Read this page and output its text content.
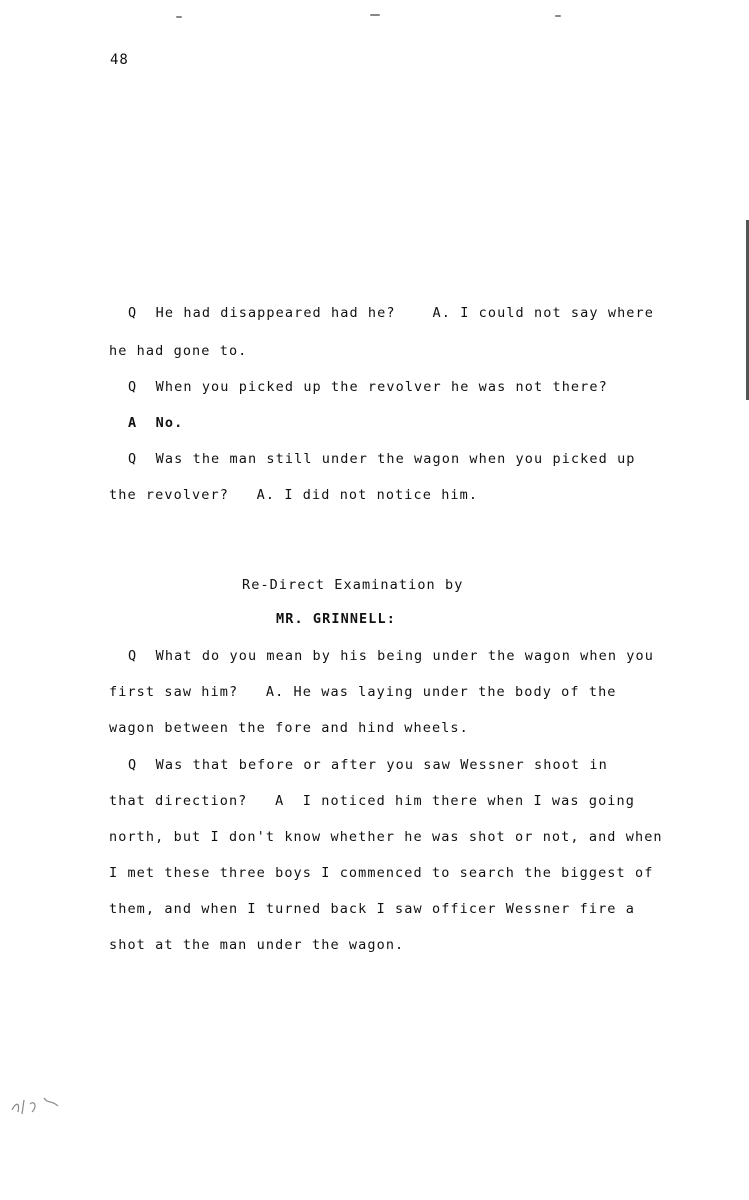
48
Q  He had disappeared had he?    A. I could not say where
he had gone to.
Q  When you picked up the revolver he was not there?
A  No.
Q  Was the man still under the wagon when you picked up
the revolver?   A. I did not notice him.
Re-Direct Examination by
MR. GRINNELL:
Q  What do you mean by his being under the wagon when you
first saw him?   A. He was laying under the body of the
wagon between the fore and hind wheels.
Q  Was that before or after you saw Wessner shoot in
that direction?   A  I noticed him there when I was going
north, but I don't know whether he was shot or not, and when
I met these three boys I commenced to search the biggest of
them, and when I turned back I saw officer Wessner fire a
shot at the man under the wagon.
